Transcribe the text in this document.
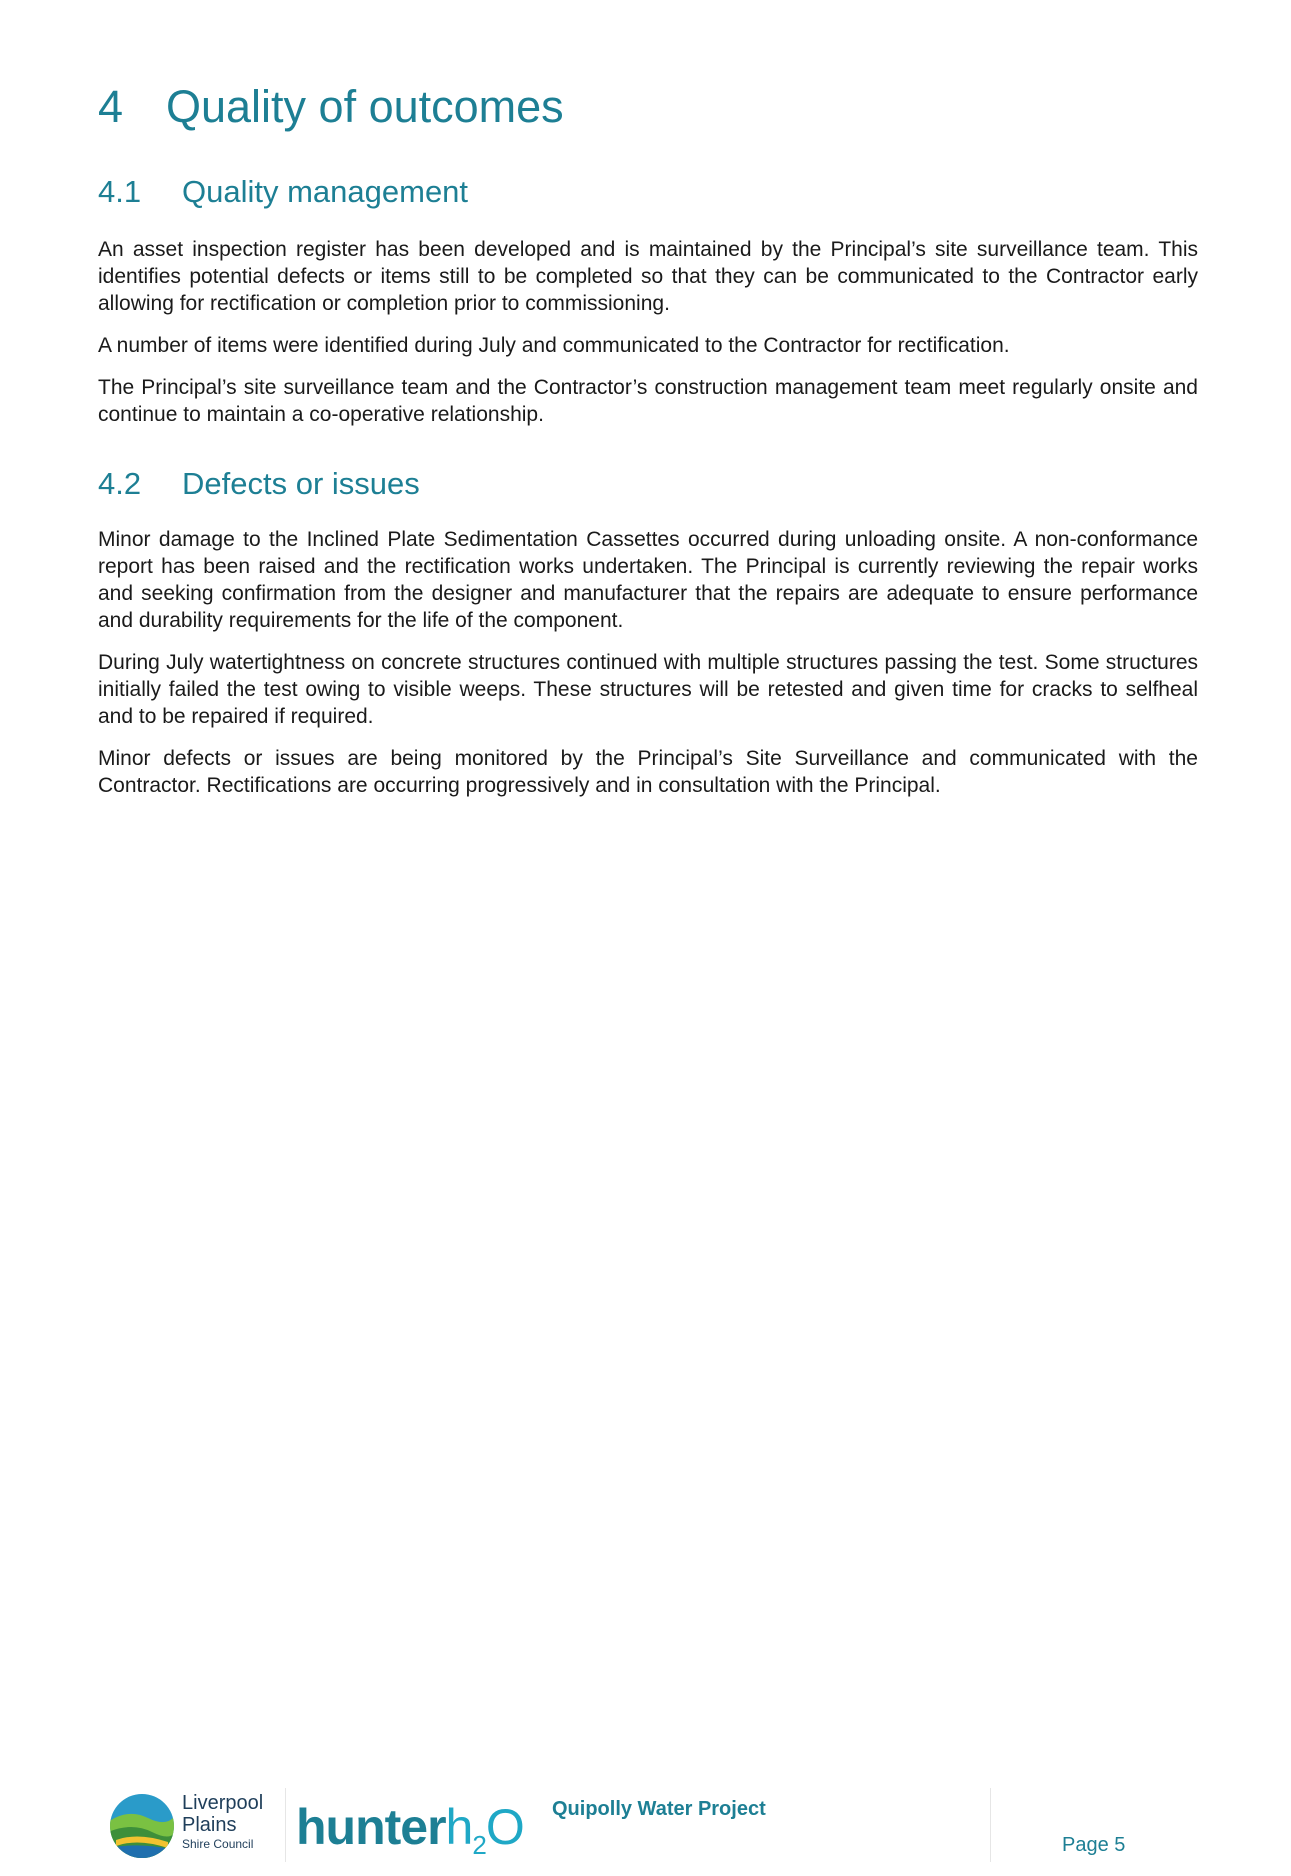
4 Quality of outcomes
4.1 Quality management

An asset inspection register has been developed and is maintained by the Principal’s site surveillance team. This identifies potential defects or items still to be completed so that they can be communicated to the Contractor early allowing for rectification or completion prior to commissioning.

A number of items were identified during July and communicated to the Contractor for rectification.

The Principal’s site surveillance team and the Contractor’s construction management team meet regularly onsite and continue to maintain a co-operative relationship.

4.2 Defects or issues

Minor damage to the Inclined Plate Sedimentation Cassettes occurred during unloading onsite. A non-conformance report has been raised and the rectification works undertaken. The Principal is currently reviewing the repair works and seeking confirmation from the designer and manufacturer that the repairs are adequate to ensure performance and durability requirements for the life of the component.

During July watertightness on concrete structures continued with multiple structures passing the test. Some structures initially failed the test owing to visible weeps. These structures will be retested and given time for cracks to selfheal and to be repaired if required.

Minor defects or issues are being monitored by the Principal’s Site Surveillance and communicated with the Contractor. Rectifications are occurring progressively and in consultation with the Principal.

Liverpool
Plains
Shire Council hunterh$_2$O Quipolly Water Project
Page 5
